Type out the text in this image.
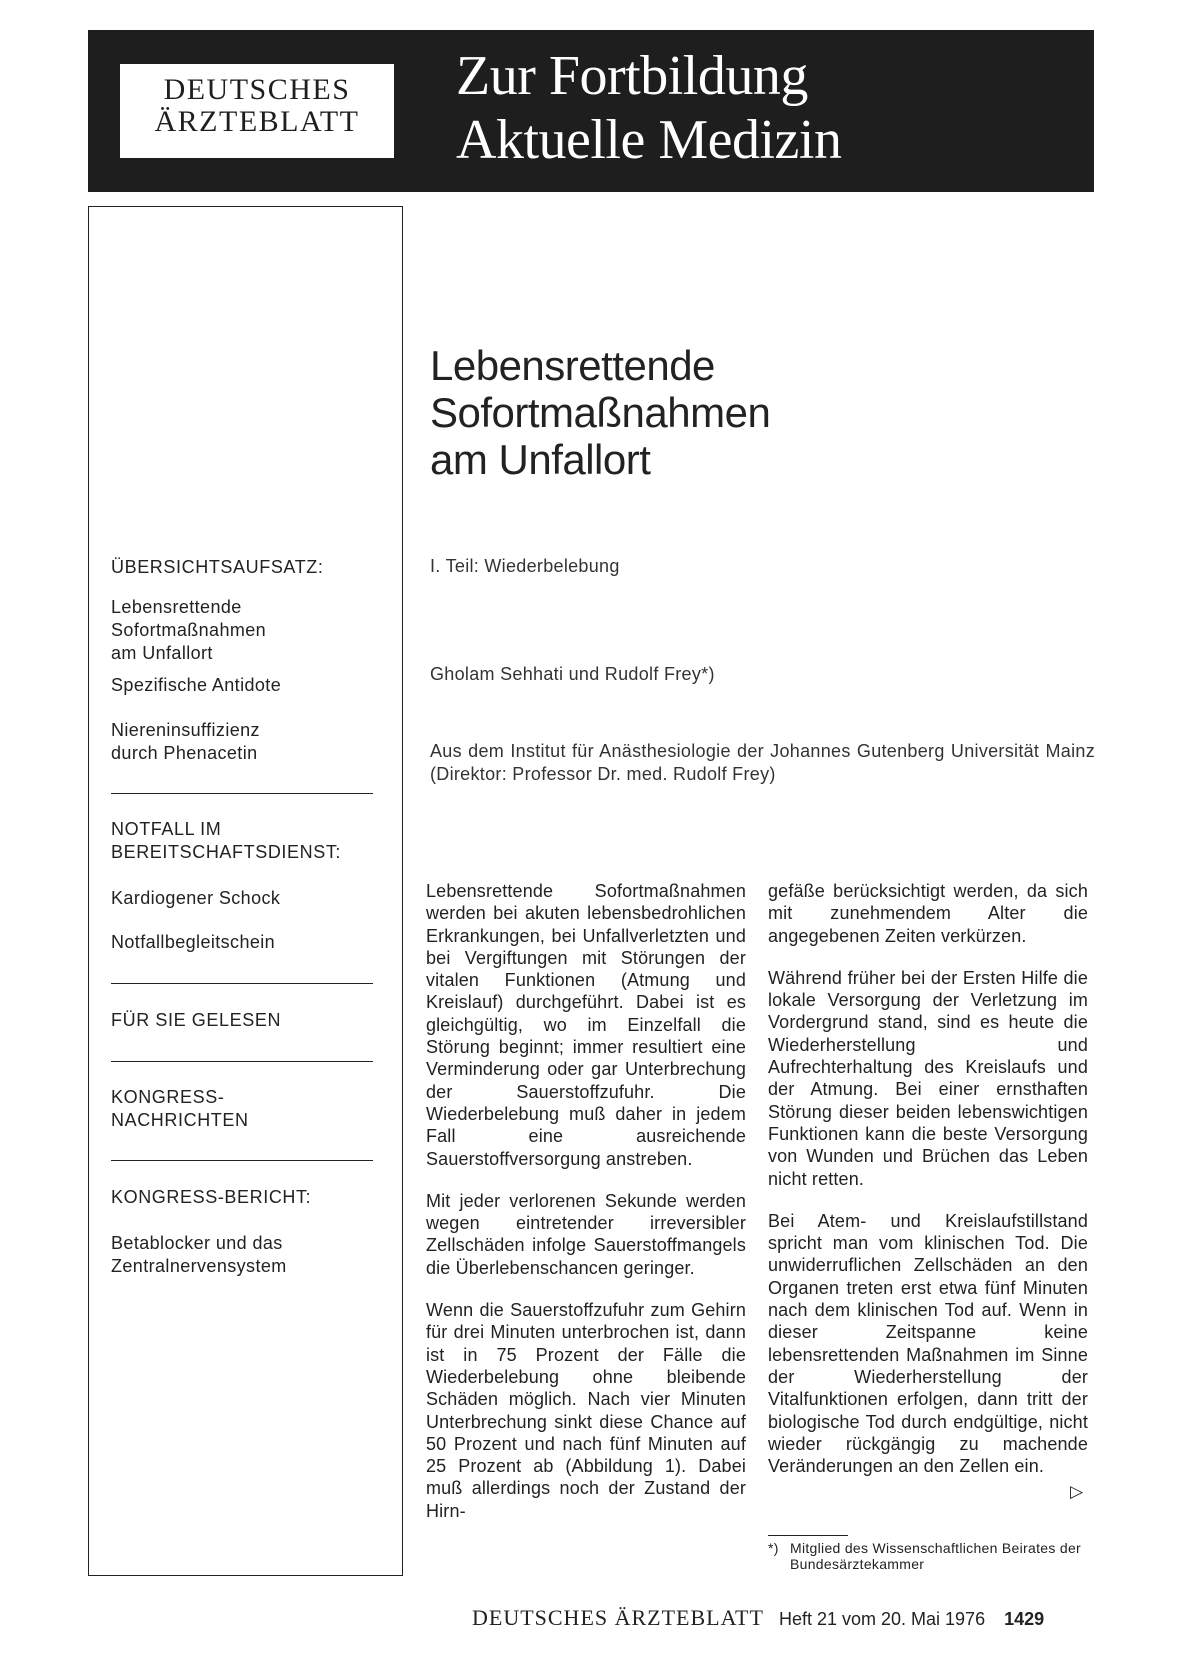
DEUTSCHES
ÄRZTEBLATT
Zur Fortbildung
Aktuelle Medizin
ÜBERSICHTSAUFSATZ:
Lebensrettende
Sofortmaßnahmen
am Unfallort
Spezifische Antidote
Niereninsuffizienz
durch Phenacetin
NOTFALL IM
BEREITSCHAFTSDIENST:
Kardiogener Schock
Notfallbegleitschein
FÜR SIE GELESEN
KONGRESS-
NACHRICHTEN
KONGRESS-BERICHT:
Betablocker und das
Zentralnervensystem
Lebensrettende
Sofortmaßnahmen
am Unfallort
I. Teil: Wiederbelebung
Gholam Sehhati und Rudolf Frey*)
Aus dem Institut für Anästhesiologie der Johannes Gutenberg Universität Mainz (Direktor: Professor Dr. med. Rudolf Frey)

Lebensrettende Sofortmaßnahmen werden bei akuten lebensbedrohlichen Erkrankungen, bei Unfallverletzten und bei Vergiftungen mit Störungen der vitalen Funktionen (Atmung und Kreislauf) durchgeführt. Dabei ist es gleichgültig, wo im Einzelfall die Störung beginnt; immer resultiert eine Verminderung oder gar Unterbrechung der Sauerstoffzufuhr. Die Wiederbelebung muß daher in jedem Fall eine ausreichende Sauerstoffversorgung anstreben.

Mit jeder verlorenen Sekunde werden wegen eintretender irreversibler Zellschäden infolge Sauerstoffmangels die Überlebenschancen geringer.

Wenn die Sauerstoffzufuhr zum Gehirn für drei Minuten unterbrochen ist, dann ist in 75 Prozent der Fälle die Wiederbelebung ohne bleibende Schäden möglich. Nach vier Minuten Unterbrechung sinkt diese Chance auf 50 Prozent und nach fünf Minuten auf 25 Prozent ab (Abbildung 1). Dabei muß allerdings noch der Zustand der Hirn-

gefäße berücksichtigt werden, da sich mit zunehmendem Alter die angegebenen Zeiten verkürzen.

Während früher bei der Ersten Hilfe die lokale Versorgung der Verletzung im Vordergrund stand, sind es heute die Wiederherstellung und Aufrechterhaltung des Kreislaufs und der Atmung. Bei einer ernsthaften Störung dieser beiden lebenswichtigen Funktionen kann die beste Versorgung von Wunden und Brüchen das Leben nicht retten.

Bei Atem- und Kreislaufstillstand spricht man vom klinischen Tod. Die unwiderruflichen Zellschäden an den Organen treten erst etwa fünf Minuten nach dem klinischen Tod auf. Wenn in dieser Zeitspanne keine lebensrettenden Maßnahmen im Sinne der Wiederherstellung der Vitalfunktionen erfolgen, dann tritt der biologische Tod durch endgültige, nicht wieder rückgängig zu machende Veränderungen an den Zellen ein.

▷
*) Mitglied des Wissenschaftlichen Beirates der Bundesärztekammer
DEUTSCHES ÄRZTEBLATT Heft 21 vom 20. Mai 1976 1429
